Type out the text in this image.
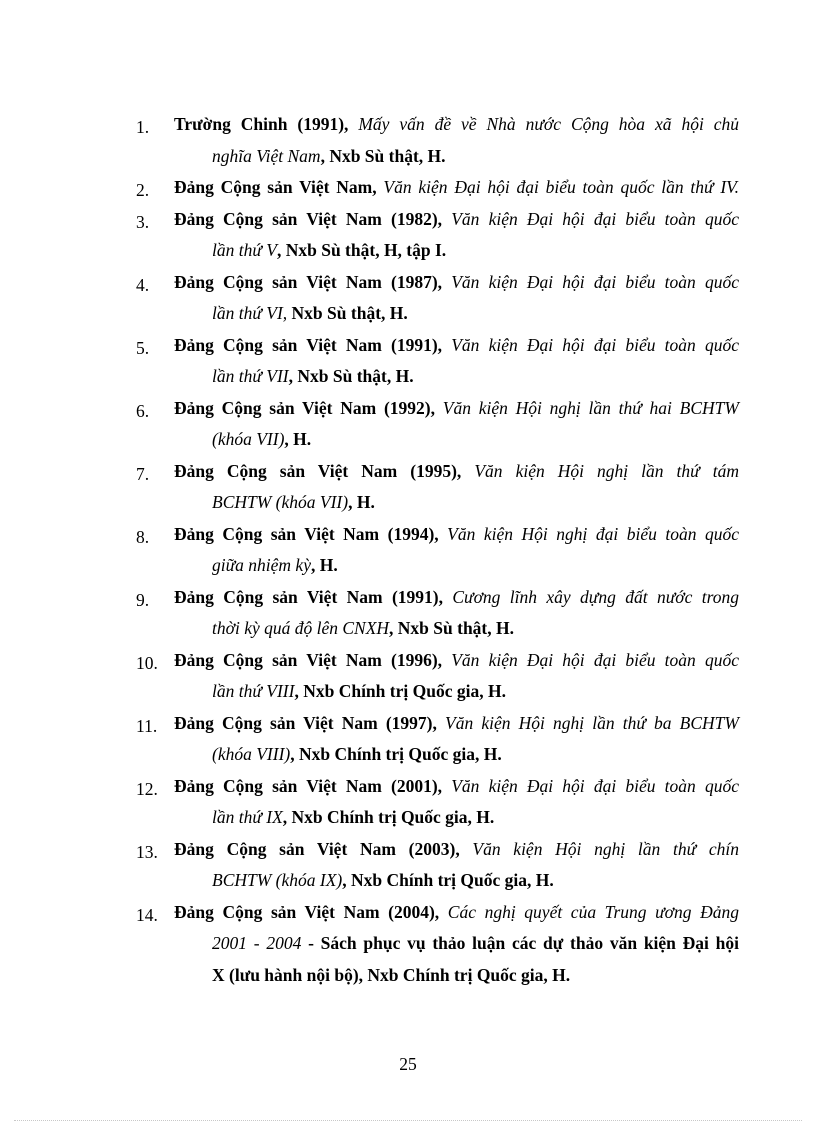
1.	Trường Chinh (1991), Mấy vấn đề về Nhà nước Cộng hòa xã hội chủ
nghĩa Việt Nam, Nxb Sù thật, H.
2.	Đảng Cộng sản Việt Nam, Văn kiện Đại hội đại biểu toàn quốc lần thứ IV.
3.	Đảng Cộng sản Việt Nam (1982), Văn kiện Đại hội đại biểu toàn quốc
lần thứ V, Nxb Sù thật, H, tập I.
4.	Đảng Cộng sản Việt Nam (1987), Văn kiện Đại hội đại biểu toàn quốc
lần thứ VI, Nxb Sù thật, H.
5.	Đảng Cộng sản Việt Nam (1991), Văn kiện Đại hội đại biểu toàn quốc
lần thứ VII, Nxb Sù thật, H.
6.	Đảng Cộng sản Việt Nam (1992), Văn kiện Hội nghị lần thứ hai BCHTW
(khóa VII), H.
7.	Đảng Cộng sản Việt Nam (1995), Văn kiện Hội nghị lần thứ tám
BCHTW (khóa VII), H.
8.	Đảng Cộng sản Việt Nam (1994), Văn kiện Hội nghị đại biểu toàn quốc
giữa nhiệm kỳ, H.
9.	Đảng Cộng sản Việt Nam (1991), Cương lĩnh xây dựng đất nước trong
thời kỳ quá độ lên CNXH, Nxb Sù thật, H.
10. Đảng Cộng sản Việt Nam (1996), Văn kiện Đại hội đại biểu toàn quốc
lần thứ VIII, Nxb Chính trị Quốc gia, H.
11. Đảng Cộng sản Việt Nam (1997), Văn kiện Hội nghị lần thứ ba BCHTW
(khóa VIII), Nxb Chính trị Quốc gia, H.
12. Đảng Cộng sản Việt Nam (2001), Văn kiện Đại hội đại biểu toàn quốc
lần thứ IX, Nxb Chính trị Quốc gia, H.
13. Đảng Cộng sản Việt Nam (2003), Văn kiện Hội nghị lần thứ chín
BCHTW (khóa IX), Nxb Chính trị Quốc gia, H.
14. Đảng Cộng sản Việt Nam (2004), Các nghị quyết của Trung ương Đảng
2001 - 2004 - Sách phục vụ thảo luận các dự thảo văn kiện Đại hội
X (lưu hành nội bộ), Nxb Chính trị Quốc gia, H.
25
